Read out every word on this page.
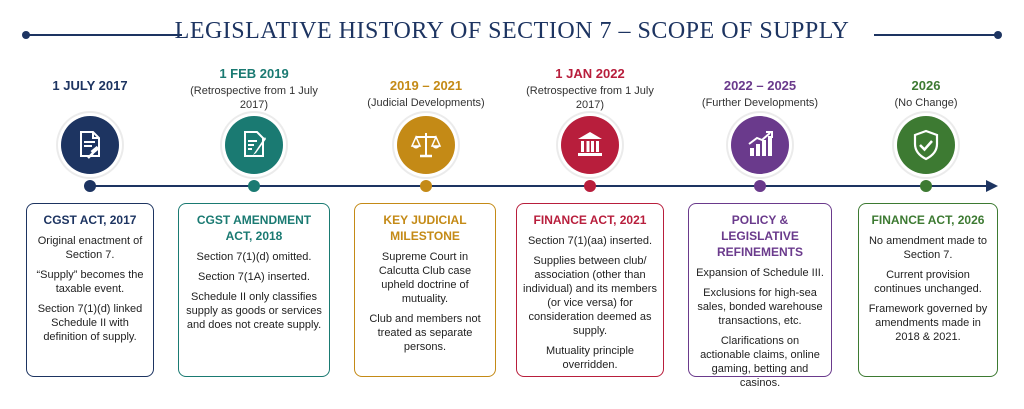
LEGISLATIVE HISTORY OF SECTION 7 – SCOPE OF SUPPLY
1 JULY 2017
CGST ACT, 2017
Original enactment of Section 7.
“Supply” becomes the taxable event.
Section 7(1)(d) linked Schedule II with definition of supply.
1 FEB 2019
(Retrospective from 1 July 2017)
CGST AMENDMENT ACT, 2018
Section 7(1)(d) omitted.
Section 7(1A) inserted.
Schedule II only classifies supply as goods or services and does not create supply.
2019 – 2021
(Judicial Developments)
KEY JUDICIAL MILESTONE
Supreme Court in Calcutta Club case upheld doctrine of mutuality.
Club and members not treated as separate persons.
1 JAN 2022
(Retrospective from 1 July 2017)
FINANCE ACT, 2021
Section 7(1)(aa) inserted.
Supplies between club/ association (other than individual) and its members (or vice versa) for consideration deemed as supply.
Mutuality principle overridden.
2022 – 2025
(Further Developments)
POLICY & LEGISLATIVE REFINEMENTS
Expansion of Schedule III.
Exclusions for high-sea sales, bonded warehouse transactions, etc.
Clarifications on actionable claims, online gaming, betting and casinos.
2026
(No Change)
FINANCE ACT, 2026
No amendment made to Section 7.
Current provision continues unchanged.
Framework governed by amendments made in 2018 & 2021.
